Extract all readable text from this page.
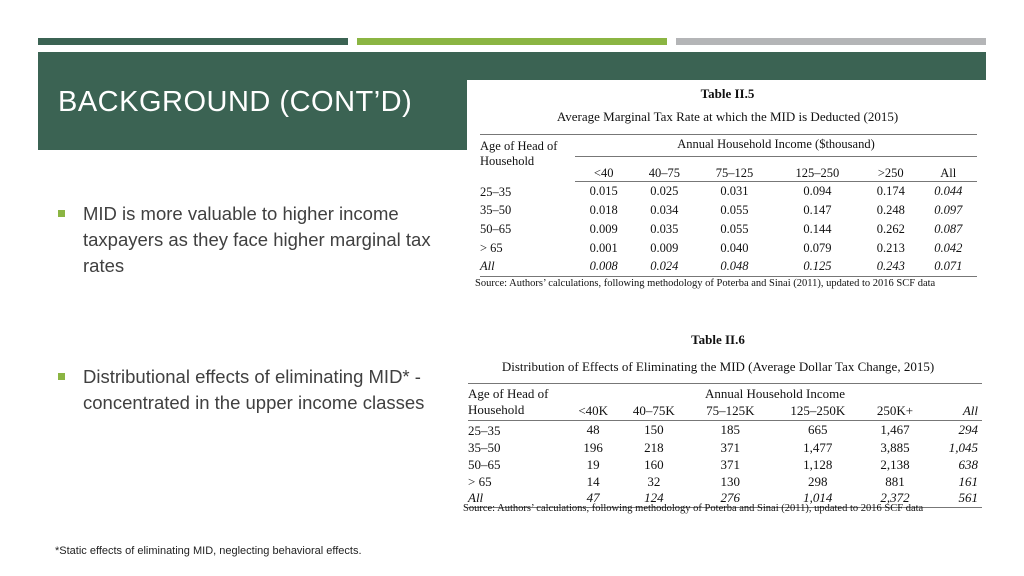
BACKGROUND (CONT’D)
MID is more valuable to higher income taxpayers as they face higher marginal tax rates
Distributional effects of eliminating MID* - concentrated in the upper income classes
*Static effects of eliminating MID, neglecting behavioral effects.
Table II.5
Average Marginal Tax Rate at which the MID is Deducted (2015)
Age of Head of Household	Annual Household Income ($thousand)					
	<40	40–75	75–125	125–250	>250	All
25–35	0.015	0.025	0.031	0.094	0.174	0.044
35–50	0.018	0.034	0.055	0.147	0.248	0.097
50–65	0.009	0.035	0.055	0.144	0.262	0.087
> 65	0.001	0.009	0.040	0.079	0.213	0.042
All	0.008	0.024	0.048	0.125	0.243	0.071
Source: Authors’ calculations, following methodology of Poterba and Sinai (2011), updated to 2016 SCF data
Table II.6
Distribution of Effects of Eliminating the MID (Average Dollar Tax Change, 2015)
Age of Head of	Annual Household Income					
Household	<40K	40–75K	75–125K	125–250K	250K+	All
25–35	48	150	185	665	1,467	294
35–50	196	218	371	1,477	3,885	1,045
50–65	19	160	371	1,128	2,138	638
> 65	14	32	130	298	881	161
All	47	124	276	1,014	2,372	561
Source: Authors’ calculations, following methodology of Poterba and Sinai (2011), updated to 2016 SCF data
